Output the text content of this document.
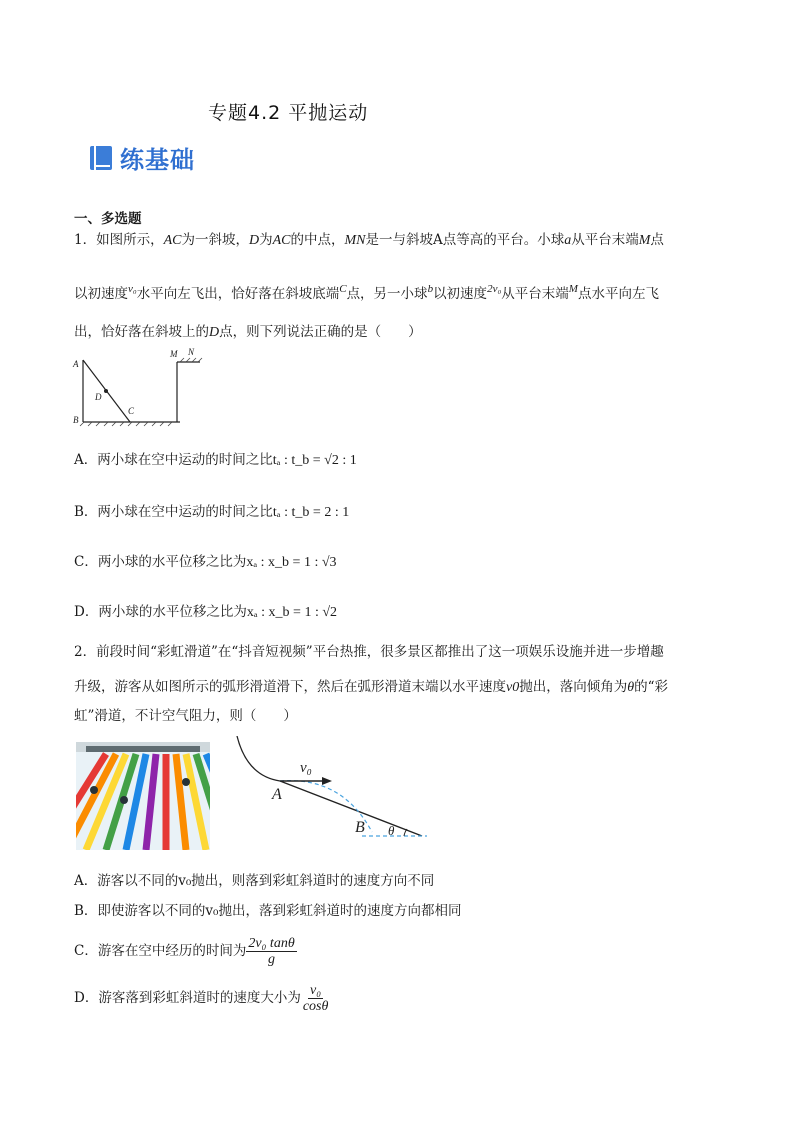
专题4.2 平抛运动
练基础
一、多选题
1．如图所示，AC为一斜坡，D为AC的中点，MN是一与斜坡A点等高的平台。小球a从平台末端M点
以初速度$^{v_0}$水平向左飞出，恰好落在斜坡底端$^C$点，另一小球$^b$以初速度$^{2v_0}$从平台末端$^M$点水平向左飞
出，恰好落在斜坡上的D点，则下列说法正确的是（　　）
A
B
C
D
M N
A．两小球在空中运动的时间之比tₐ : t_b = √2 : 1
B．两小球在空中运动的时间之比tₐ : t_b = 2 : 1
C．两小球的水平位移之比为xₐ : x_b = 1 : √3
D．两小球的水平位移之比为xₐ : x_b = 1 : √2
2．前段时间“彩虹滑道”在“抖音短视频”平台热推，很多景区都推出了这一项娱乐设施并进一步增趣
升级，游客从如图所示的弧形滑道滑下，然后在弧形滑道末端以水平速度v0抛出，落向倾角为θ的“彩
虹”滑道，不计空气阻力，则（　　）
v₀
A
B θ
A．游客以不同的v₀抛出，则落到彩虹斜道时的速度方向不同
B．即使游客以不同的v₀抛出，落到彩虹斜道时的速度方向都相同
C．游客在空中经历的时间为 $\frac{\text{2v₀ tanθ}}{g}$
D．游客落到彩虹斜道时的速度大小为 $\frac{\text{v₀}}{\cos\theta}$
